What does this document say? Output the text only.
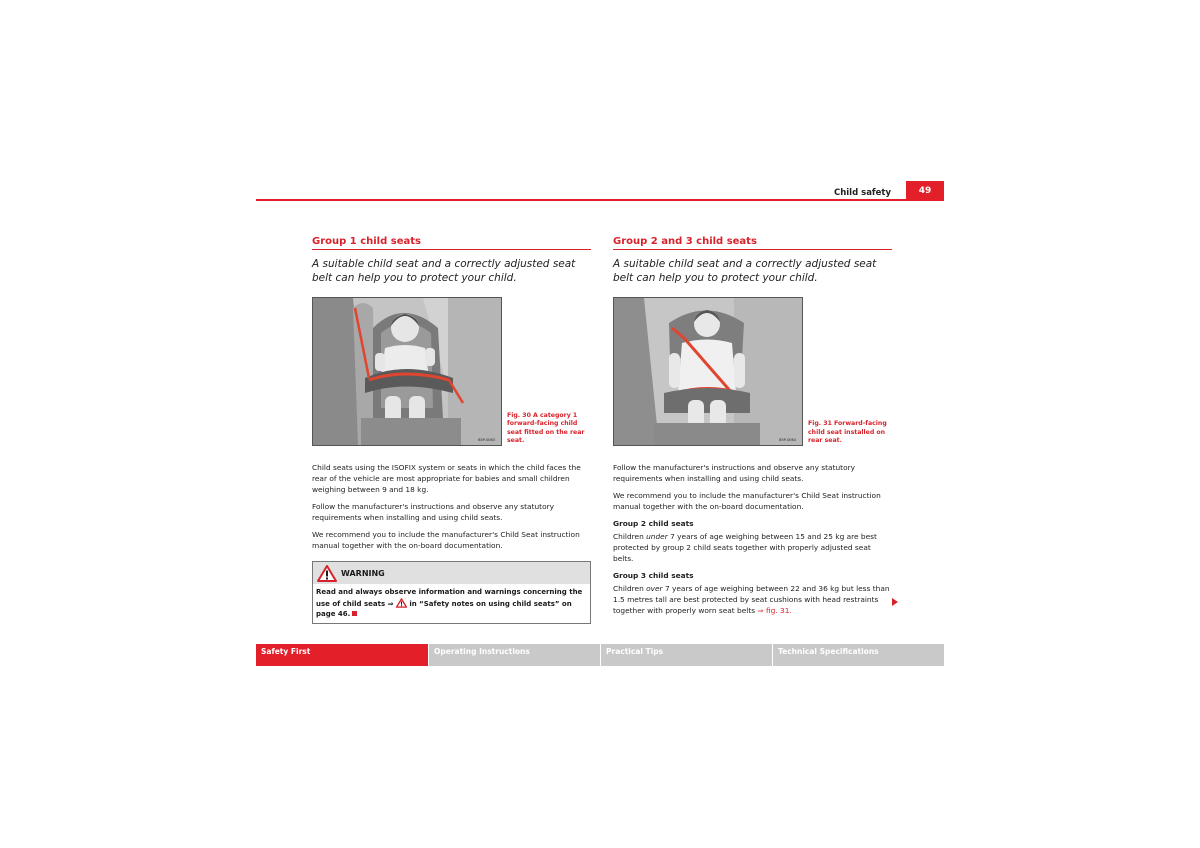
Child safety	49
Group 1 child seats

A suitable child seat and a correctly adjusted seat belt can help you to protect your child.

B5P-0063
Fig. 30 A category 1 forward-facing child seat fitted on the rear seat.

Child seats using the ISOFIX system or seats in which the child faces the rear of the vehicle are most appropriate for babies and small children weighing between 9 and 18 kg.

Follow the manufacturer's instructions and observe any statutory requirements when installing and using child seats.

We recommend you to include the manufacturer's Child Seat instruction manual together with the on-board documentation.

WARNING
Read and always observe information and warnings concerning the use of child seats ⇒ in “Safety notes on using child seats” on page 46.
Group 2 and 3 child seats

A suitable child seat and a correctly adjusted seat belt can help you to protect your child.

B5P-0064
Fig. 31 Forward-facing child seat installed on rear seat.

Follow the manufacturer's instructions and observe any statutory requirements when installing and using child seats.

We recommend you to include the manufacturer's Child Seat instruction manual together with the on-board documentation.

Group 2 child seats

Children under 7 years of age weighing between 15 and 25 kg are best protected by group 2 child seats together with properly adjusted seat belts.

Group 3 child seats

Children over 7 years of age weighing between 22 and 36 kg but less than 1.5 metres tall are best protected by seat cushions with head restraints together with properly worn seat belts ⇒ fig. 31.

Safety First	Operating Instructions	Practical Tips	Technical Specifications
